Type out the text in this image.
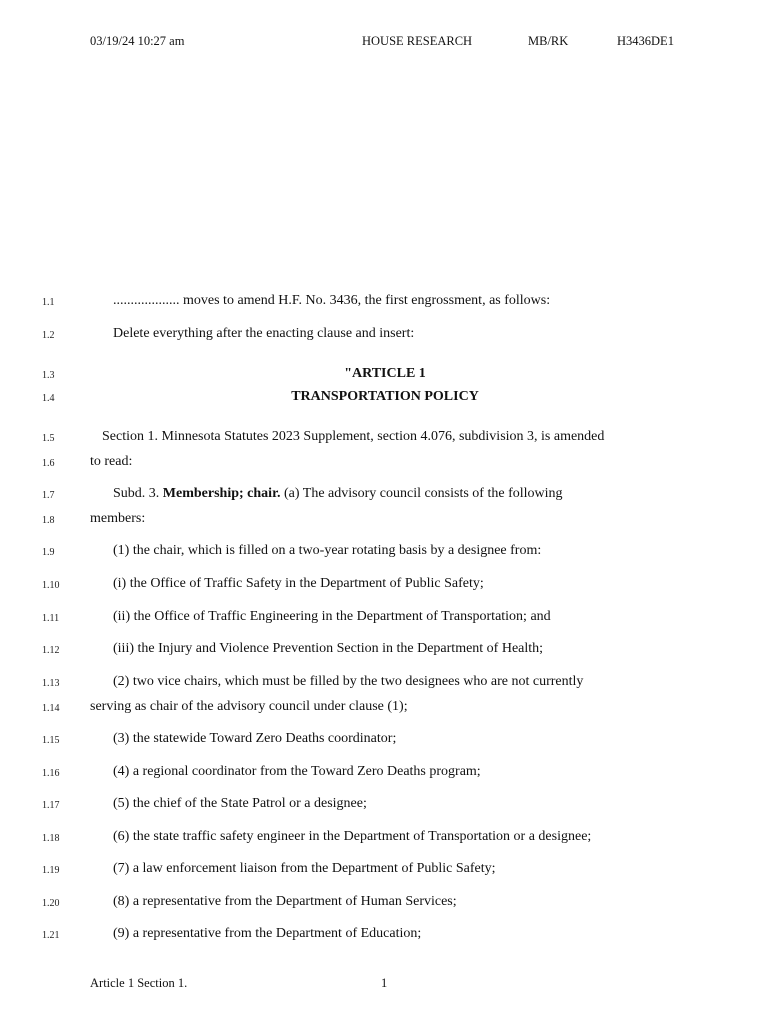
03/19/24 10:27 am	HOUSE RESEARCH	MB/RK	H3436DE1
1.1	................... moves to amend H.F. No. 3436, the first engrossment, as follows:
1.2	Delete everything after the enacting clause and insert:
1.3	"ARTICLE 1
1.4	TRANSPORTATION POLICY
1.5	Section 1. Minnesota Statutes 2023 Supplement, section 4.076, subdivision 3, is amended
1.6	to read:
1.7	Subd. 3. Membership; chair. (a) The advisory council consists of the following
1.8	members:
1.9	(1) the chair, which is filled on a two-year rotating basis by a designee from:
1.10	(i) the Office of Traffic Safety in the Department of Public Safety;
1.11	(ii) the Office of Traffic Engineering in the Department of Transportation; and
1.12	(iii) the Injury and Violence Prevention Section in the Department of Health;
1.13	(2) two vice chairs, which must be filled by the two designees who are not currently
1.14 serving as chair of the advisory council under clause (1);
1.15	(3) the statewide Toward Zero Deaths coordinator;
1.16	(4) a regional coordinator from the Toward Zero Deaths program;
1.17	(5) the chief of the State Patrol or a designee;
1.18	(6) the state traffic safety engineer in the Department of Transportation or a designee;
1.19	(7) a law enforcement liaison from the Department of Public Safety;
1.20	(8) a representative from the Department of Human Services;
1.21	(9) a representative from the Department of Education;
Article 1 Section 1.	1
